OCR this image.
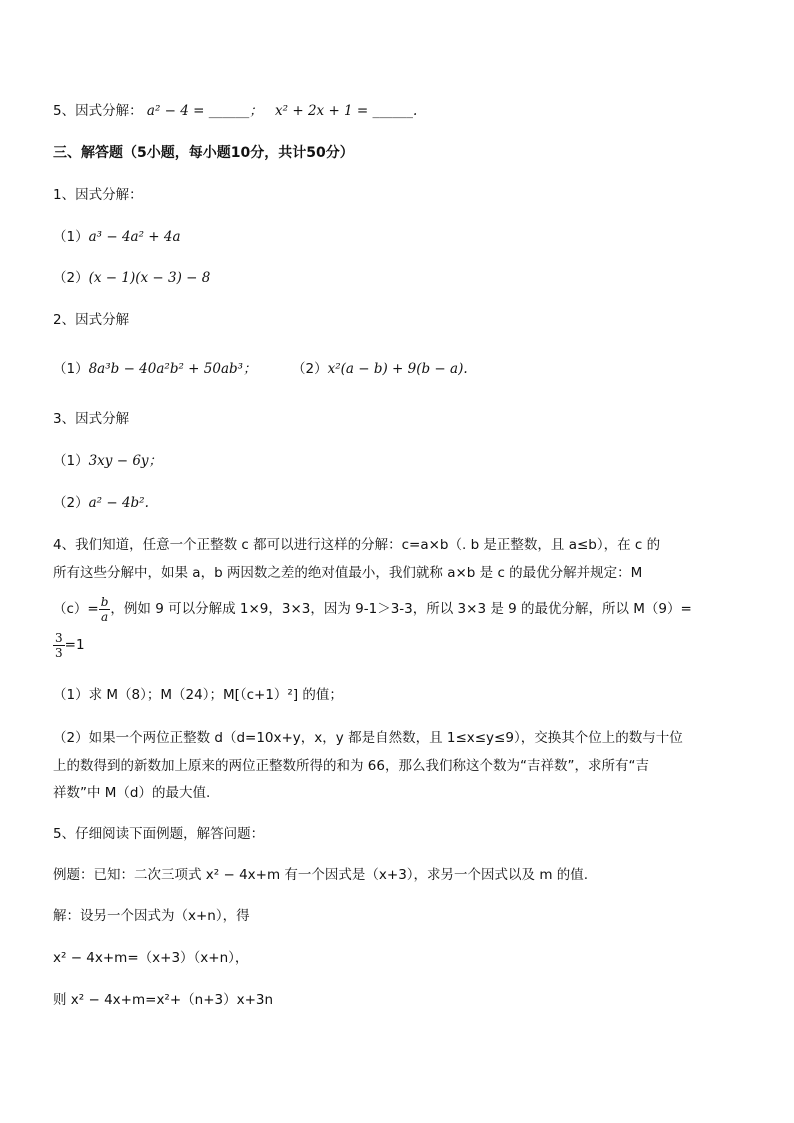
5、因式分解： a² − 4 = ______； x² + 2x + 1 = ______.
三、解答题（5小题，每小题10分，共计50分）
1、因式分解：
（1）a³ − 4a² + 4a
（2）(x − 1)(x − 3) − 8
2、因式分解
（1）8a³b − 40a²b² + 50ab³；	（2）x²(a − b) + 9(b − a).
3、因式分解
（1）3xy − 6y；
（2）a² − 4b².
4、我们知道，任意一个正整数 c 都可以进行这样的分解：c=a×b（. b 是正整数，且 a≤b），在 c 的
所有这些分解中，如果 a，b 两因数之差的绝对值最小，我们就称 a×b 是 c 的最优分解并规定：M
$(c)= \frac{b}{a}$ ，例如 9 可以分解成 1×9，3×3，因为 9-1＞3-3，所以 3×3 是 9 的最优分解，所以 M（9）=
$\frac{3}{3} =1$
（1）求 M（8）；M（24）；M[（c+1）²] 的值；
（2）如果一个两位正整数 d（d=10x+y，x，y 都是自然数，且 1≤x≤y≤9），交换其个位上的数与十位
上的数得到的新数加上原来的两位正整数所得的和为 66，那么我们称这个数为“吉祥数”，求所有“吉
祥数”中 M（d）的最大值.
5、仔细阅读下面例题，解答问题：
例题：已知：二次三项式 x² − 4x+m 有一个因式是（x+3），求另一个因式以及 m 的值.
解：设另一个因式为（x+n），得
x² − 4x+m=（x+3）（x+n），
则 x² − 4x+m=x²+（n+3）x+3n
